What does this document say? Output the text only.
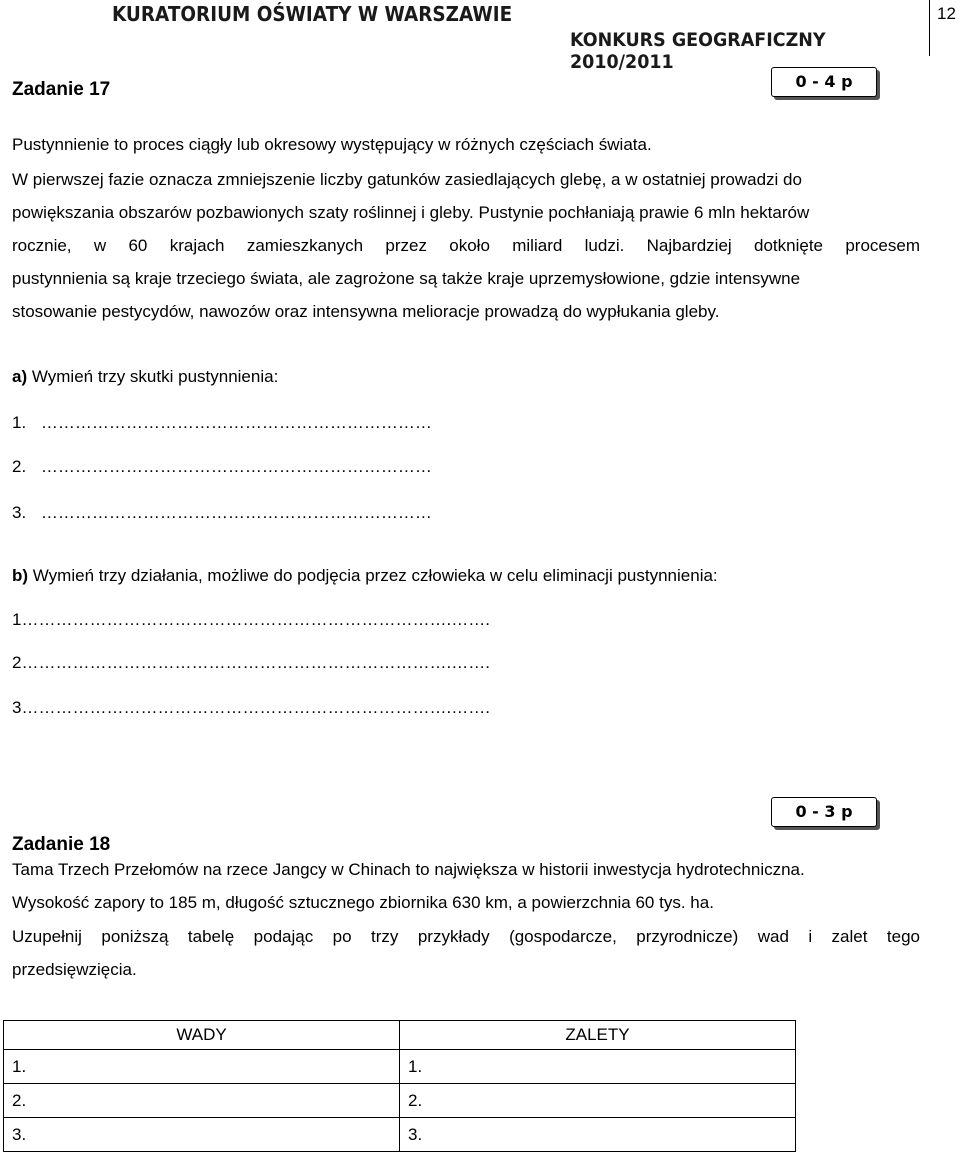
KURATORIUM OŚWIATY W WARSZAWIE
KONKURS GEOGRAFICZNY 2010/2011
12
Zadanie 17	0 - 4 p
Pustynnienie to proces ciągły lub okresowy występujący w różnych częściach świata.
W pierwszej fazie oznacza zmniejszenie liczby gatunków zasiedlających glebę, a w ostatniej prowadzi do
powiększania obszarów pozbawionych szaty roślinnej i gleby. Pustynie pochłaniają prawie 6 mln hektarów
rocznie, w 60 krajach zamieszkanych przez około miliard ludzi. Najbardziej dotknięte procesem
pustynnienia są kraje trzeciego świata, ale zagrożone są także kraje uprzemysłowione, gdzie intensywne
stosowanie pestycydów, nawozów oraz intensywna melioracje prowadzą do wypłukania gleby.
a) Wymień trzy skutki pustynnienia:
1. ……………………………………………………………
2. ……………………………………………………………
3. ……………………………………………………………
b) Wymień trzy działania, możliwe do podjęcia przez człowieka w celu eliminacji pustynnienia:
1………………………………………………………………….…….
2………………………………………………………………….…….
3………………………………………………………………….…….
0 - 3 p
Zadanie 18
Tama Trzech Przełomów na rzece Jangcy w Chinach to największa w historii inwestycja hydrotechniczna.
Wysokość zapory to 185 m, długość sztucznego zbiornika 630 km, a powierzchnia 60 tys. ha.
Uzupełnij poniższą tabelę podając po trzy przykłady (gospodarcze, przyrodnicze) wad i zalet tego
przedsięwzięcia.
WADY	ZALETY
1.	1.
2.	2.
3.	3.
